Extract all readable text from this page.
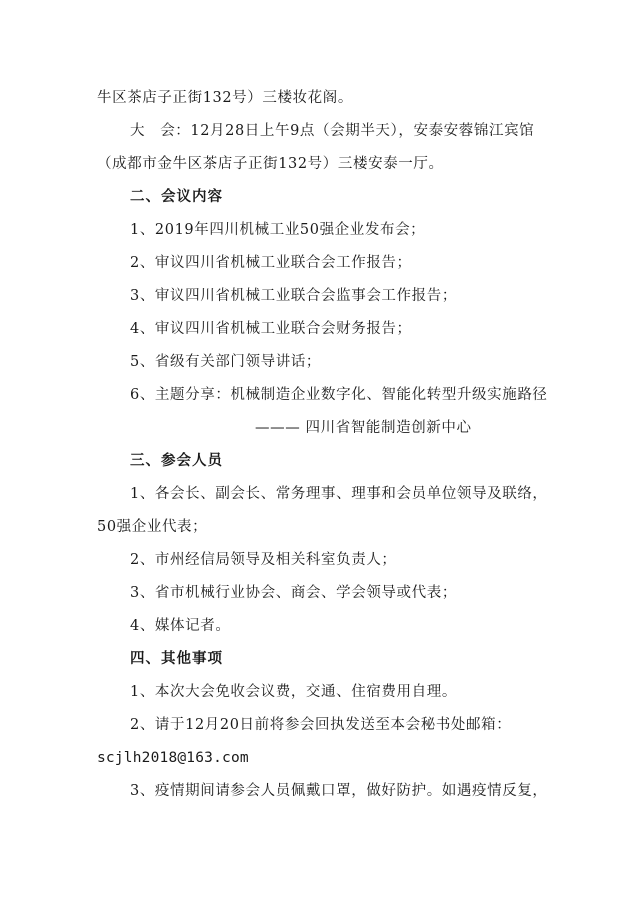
牛区茶店子正街132号）三楼妆花阁。
大　会：12月28日上午9点（会期半天），安泰安蓉锦江宾馆
（成都市金牛区茶店子正街132号）三楼安泰一厅。
二、会议内容
1、2019年四川机械工业50强企业发布会；
2、审议四川省机械工业联合会工作报告；
3、审议四川省机械工业联合会监事会工作报告；
4、审议四川省机械工业联合会财务报告；
5、省级有关部门领导讲话；
6、主题分享：机械制造企业数字化、智能化转型升级实施路径
——— 四川省智能制造创新中心
三、参会人员
1、各会长、副会长、常务理事、理事和会员单位领导及联络，
50强企业代表；
2、市州经信局领导及相关科室负责人；
3、省市机械行业协会、商会、学会领导或代表；
4、媒体记者。
四、其他事项
1、本次大会免收会议费，交通、住宿费用自理。
2、请于12月20日前将参会回执发送至本会秘书处邮箱：
scjlh2018@163.com
3、疫情期间请参会人员佩戴口罩，做好防护。如遇疫情反复，
